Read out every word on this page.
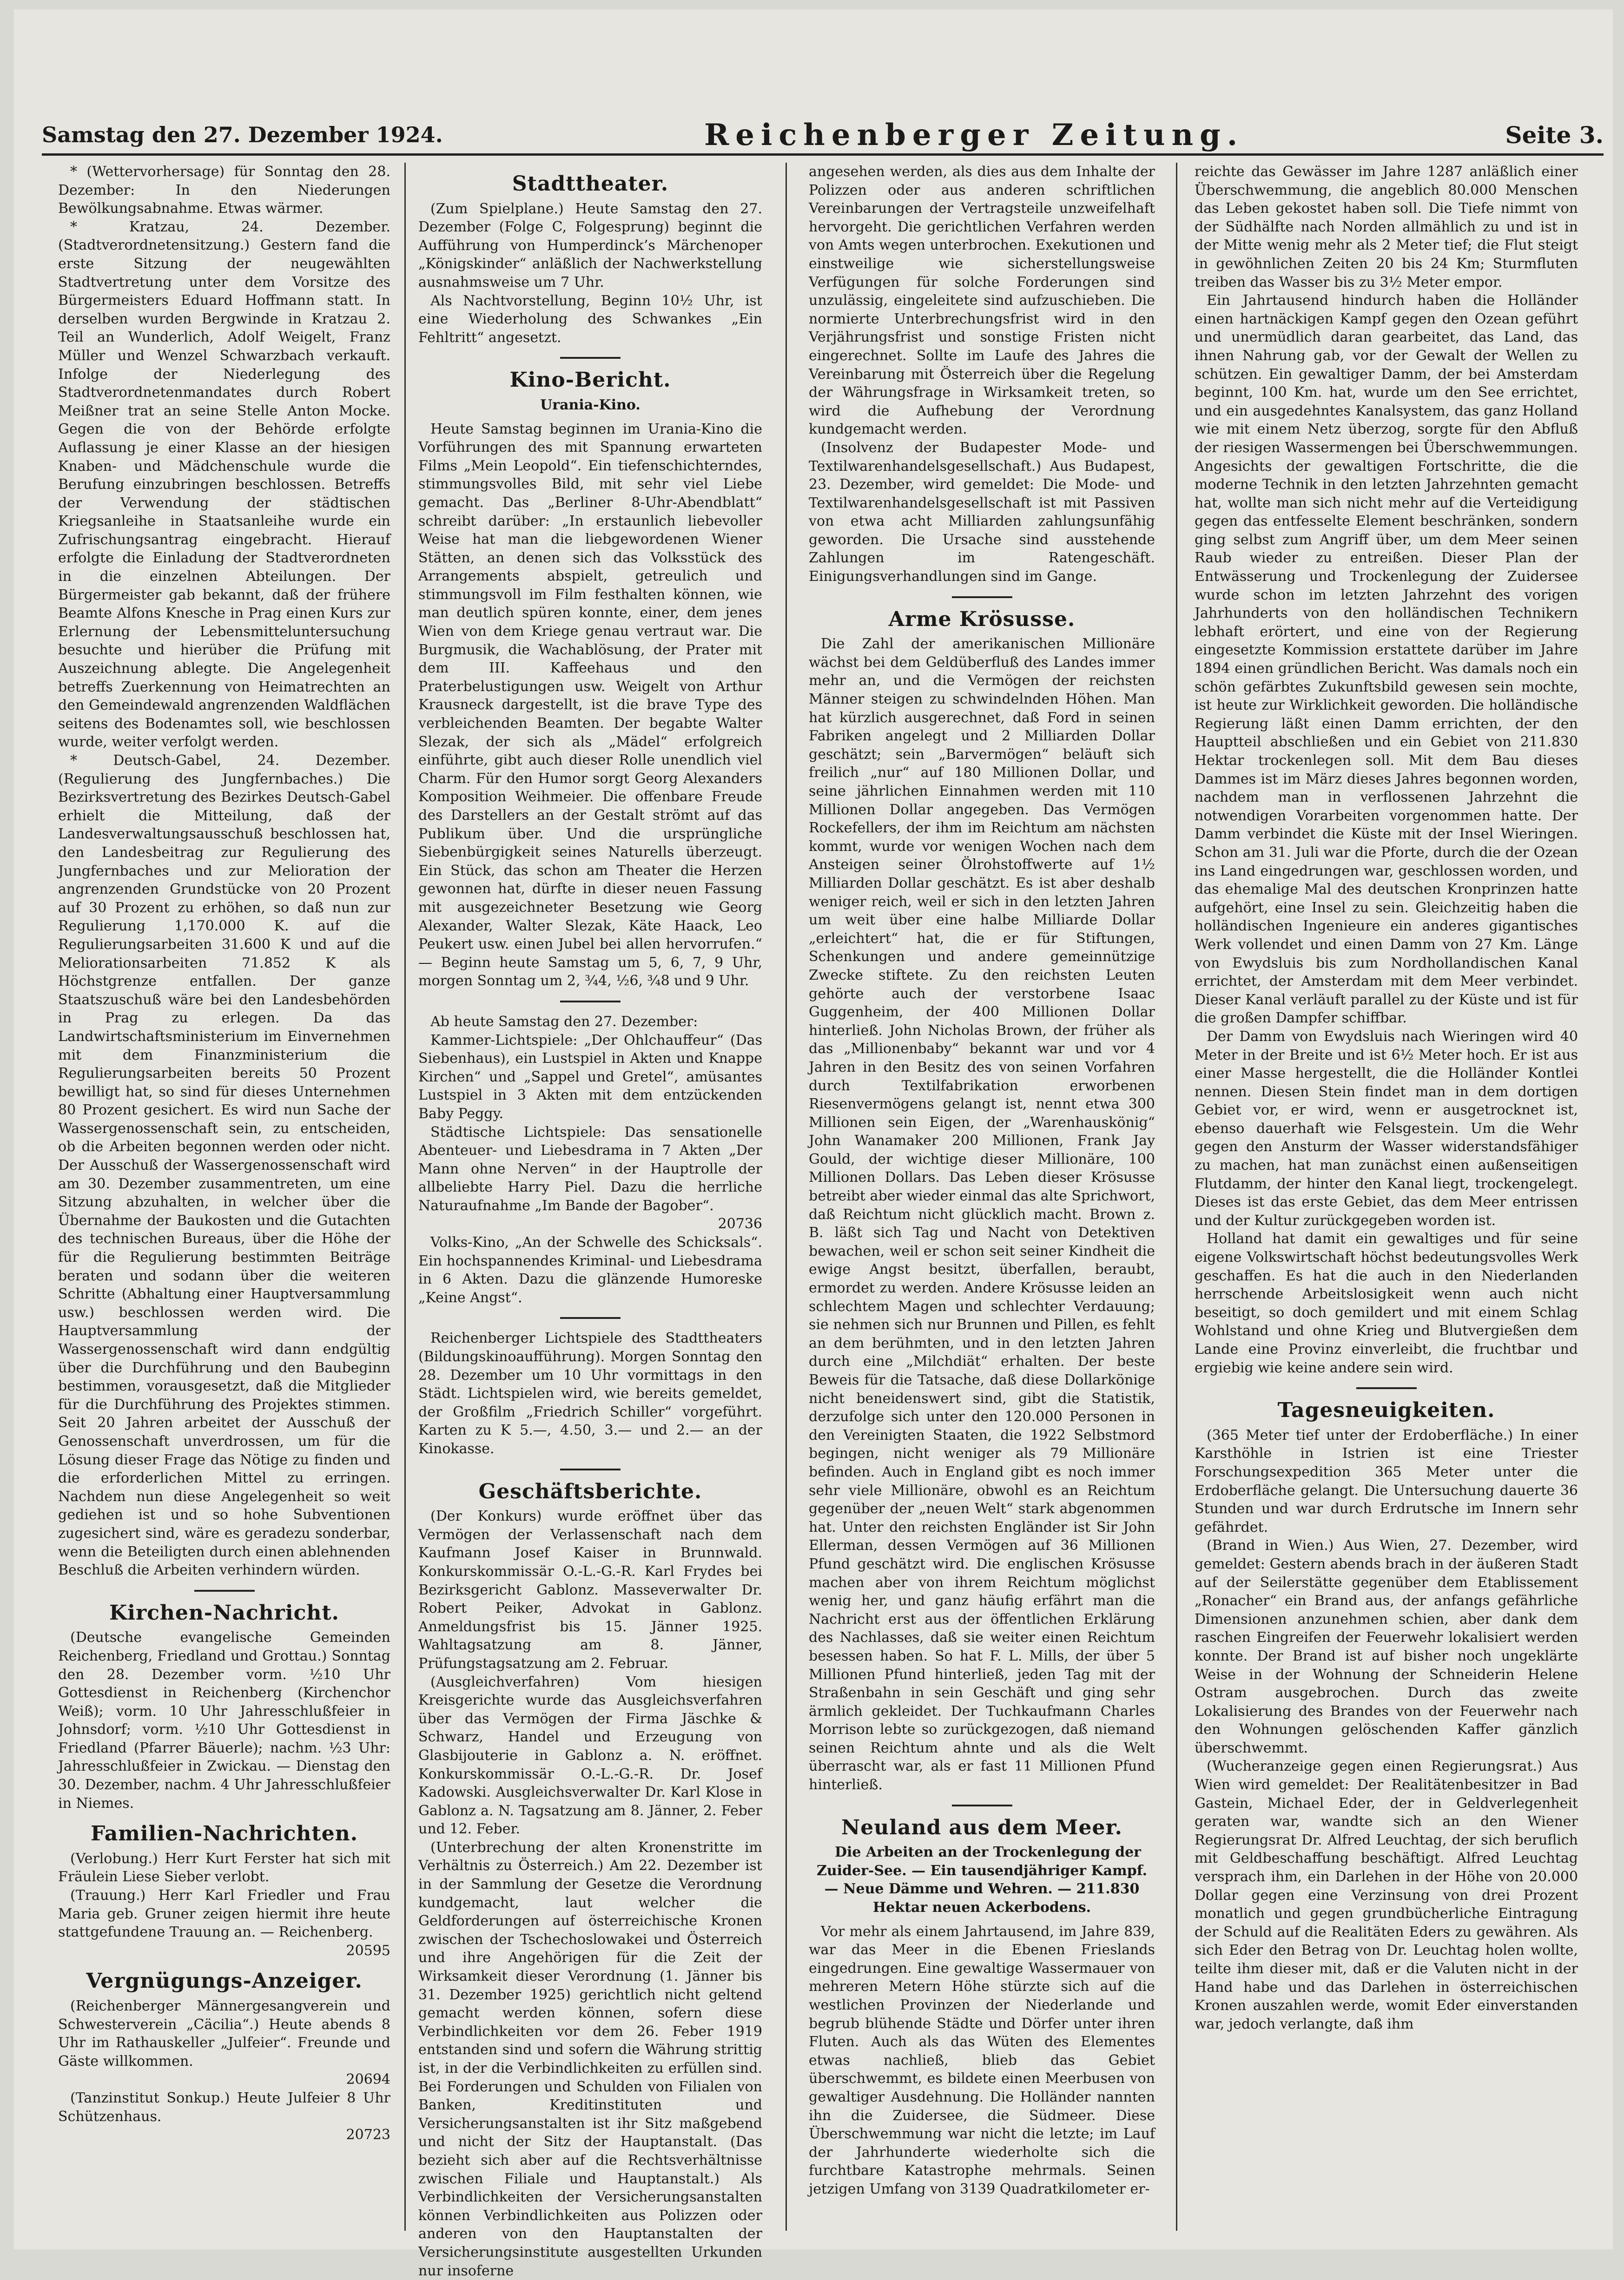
Samstag den 27. Dezember 1924.	Reichenberger Zeitung.	Seite 3.

* (Wettervorhersage) für Sonntag den 28. Dezember: In den Niederungen Bewölkungsabnahme. Etwas wärmer.

* Kratzau, 24. Dezember. (Stadtverordnetensitzung.) Gestern fand die erste Sitzung der neugewählten Stadtvertretung unter dem Vorsitze des Bürgermeisters Eduard Hoffmann statt. In derselben wurden Bergwinde in Kratzau 2. Teil an Wunderlich, Adolf Weigelt, Franz Müller und Wenzel Schwarzbach verkauft. Infolge der Niederlegung des Stadtverordnetenmandates durch Robert Meißner trat an seine Stelle Anton Mocke. Gegen die von der Behörde erfolgte Auflassung je einer Klasse an der hiesigen Knaben- und Mädchenschule wurde die Berufung einzubringen beschlossen. Betreffs der Verwendung der städtischen Kriegsanleihe in Staatsanleihe wurde ein Zufrischungsantrag eingebracht. Hierauf erfolgte die Einladung der Stadtverordneten in die einzelnen Abteilungen. Der Bürgermeister gab bekannt, daß der frühere Beamte Alfons Knesche in Prag einen Kurs zur Erlernung der Lebensmitteluntersuchung besuchte und hierüber die Prüfung mit Auszeichnung ablegte. Die Angelegenheit betreffs Zuerkennung von Heimatrechten an den Gemeindewald angrenzenden Waldflächen seitens des Bodenamtes soll, wie beschlossen wurde, weiter verfolgt werden.

* Deutsch-Gabel, 24. Dezember. (Regulierung des Jungfernbaches.) Die Bezirksvertretung des Bezirkes Deutsch-Gabel erhielt die Mitteilung, daß der Landesverwaltungsausschuß beschlossen hat, den Landesbeitrag zur Regulierung des Jungfernbaches und zur Melioration der angrenzenden Grundstücke von 20 Prozent auf 30 Prozent zu erhöhen, so daß nun zur Regulierung 1,170.000 K. auf die Regulierungsarbeiten 31.600 K und auf die Meliorationsarbeiten 71.852 K als Höchstgrenze entfallen. Der ganze Staatszuschuß wäre bei den Landesbehörden in Prag zu erlegen. Da das Landwirtschaftsministerium im Einvernehmen mit dem Finanzministerium die Regulierungsarbeiten bereits 50 Prozent bewilligt hat, so sind für dieses Unternehmen 80 Prozent gesichert. Es wird nun Sache der Wassergenossenschaft sein, zu entscheiden, ob die Arbeiten begonnen werden oder nicht. Der Ausschuß der Wassergenossenschaft wird am 30. Dezember zusammentreten, um eine Sitzung abzuhalten, in welcher über die Übernahme der Baukosten und die Gutachten des technischen Bureaus, über die Höhe der für die Regulierung bestimmten Beiträge beraten und sodann über die weiteren Schritte (Abhaltung einer Hauptversammlung usw.) beschlossen werden wird. Die Hauptversammlung der Wassergenossenschaft wird dann endgültig über die Durchführung und den Baubeginn bestimmen, vorausgesetzt, daß die Mitglieder für die Durchführung des Projektes stimmen. Seit 20 Jahren arbeitet der Ausschuß der Genossenschaft unverdrossen, um für die Lösung dieser Frage das Nötige zu finden und die erforderlichen Mittel zu erringen. Nachdem nun diese Angelegenheit so weit gediehen ist und so hohe Subventionen zugesichert sind, wäre es geradezu sonderbar, wenn die Beteiligten durch einen ablehnenden Beschluß die Arbeiten verhindern würden.

Kirchen-Nachricht.

(Deutsche evangelische Gemeinden Reichenberg, Friedland und Grottau.) Sonntag den 28. Dezember vorm. ½10 Uhr Gottesdienst in Reichenberg (Kirchenchor Weiß); vorm. 10 Uhr Jahresschlußfeier in Johnsdorf; vorm. ½10 Uhr Gottesdienst in Friedland (Pfarrer Bäuerle); nachm. ½3 Uhr: Jahresschlußfeier in Zwickau. — Dienstag den 30. Dezember, nachm. 4 Uhr Jahresschlußfeier in Niemes.

Familien-Nachrichten.

(Verlobung.) Herr Kurt Ferster hat sich mit Fräulein Liese Sieber verlobt.

(Trauung.) Herr Karl Friedler und Frau Maria geb. Gruner zeigen hiermit ihre heute stattgefundene Trauung an. — Reichenberg.

20595
Vergnügungs-Anzeiger.

(Reichenberger Männergesangverein und Schwesterverein „Cäcilia“.) Heute abends 8 Uhr im Rathauskeller „Julfeier“. Freunde und Gäste willkommen.

20694

(Tanzinstitut Sonkup.) Heute Julfeier 8 Uhr Schützenhaus.

20723
Stadttheater.

(Zum Spielplane.) Heute Samstag den 27. Dezember (Folge C, Folgesprung) beginnt die Aufführung von Humperdinck’s Märchenoper „Königskinder“ anläßlich der Nachwerkstellung ausnahmsweise um 7 Uhr.

Als Nachtvorstellung, Beginn 10½ Uhr, ist eine Wiederholung des Schwankes „Ein Fehltritt“ angesetzt.

Kino-Bericht.
Urania-Kino.

Heute Samstag beginnen im Urania-Kino die Vorführungen des mit Spannung erwarteten Films „Mein Leopold“. Ein tiefenschichterndes, stimmungsvolles Bild, mit sehr viel Liebe gemacht. Das „Berliner 8-Uhr-Abendblatt“ schreibt darüber: „In erstaunlich liebevoller Weise hat man die liebgewordenen Wiener Stätten, an denen sich das Volksstück des Arrangements abspielt, getreulich und stimmungsvoll im Film festhalten können, wie man deutlich spüren konnte, einer, dem jenes Wien von dem Kriege genau vertraut war. Die Burgmusik, die Wachablösung, der Prater mit dem III. Kaffeehaus und den Praterbelustigungen usw. Weigelt von Arthur Krausneck dargestellt, ist die brave Type des verbleichenden Beamten. Der begabte Walter Slezak, der sich als „Mädel“ erfolgreich einführte, gibt auch dieser Rolle unendlich viel Charm. Für den Humor sorgt Georg Alexanders Komposition Weihmeier. Die offenbare Freude des Darstellers an der Gestalt strömt auf das Publikum über. Und die ursprüngliche Siebenbürgigkeit seines Naturells überzeugt. Ein Stück, das schon am Theater die Herzen gewonnen hat, dürfte in dieser neuen Fassung mit ausgezeichneter Besetzung wie Georg Alexander, Walter Slezak, Käte Haack, Leo Peukert usw. einen Jubel bei allen hervorrufen.“ — Beginn heute Samstag um 5, 6, 7, 9 Uhr, morgen Sonntag um 2, ¾4, ½6, ¾8 und 9 Uhr.

Ab heute Samstag den 27. Dezember:

Kammer-Lichtspiele: „Der Ohlchauffeur“ (Das Siebenhaus), ein Lustspiel in Akten und Knappe Kirchen“ und „Sappel und Gretel“, amüsantes Lustspiel in 3 Akten mit dem entzückenden Baby Peggy.

Städtische Lichtspiele: Das sensationelle Abenteuer- und Liebesdrama in 7 Akten „Der Mann ohne Nerven“ in der Hauptrolle der allbeliebte Harry Piel. Dazu die herrliche Naturaufnahme „Im Bande der Bagober“.

20736

Volks-Kino, „An der Schwelle des Schicksals“. Ein hochspannendes Kriminal- und Liebesdrama in 6 Akten. Dazu die glänzende Humoreske „Keine Angst“.

Reichenberger Lichtspiele des Stadttheaters (Bildungskinoaufführung). Morgen Sonntag den 28. Dezember um 10 Uhr vormittags in den Städt. Lichtspielen wird, wie bereits gemeldet, der Großfilm „Friedrich Schiller“ vorgeführt. Karten zu K 5.—, 4.50, 3.— und 2.— an der Kinokasse.

Geschäftsberichte.

(Der Konkurs) wurde eröffnet über das Vermögen der Verlassenschaft nach dem Kaufmann Josef Kaiser in Brunnwald. Konkurskommissär O.-L.-G.-R. Karl Frydes bei Bezirksgericht Gablonz. Masseverwalter Dr. Robert Peiker, Advokat in Gablonz. Anmeldungsfrist bis 15. Jänner 1925. Wahltagsatzung am 8. Jänner, Prüfungstagsatzung am 2. Februar.

(Ausgleichverfahren) Vom hiesigen Kreisgerichte wurde das Ausgleichsverfahren über das Vermögen der Firma Jäschke & Schwarz, Handel und Erzeugung von Glasbijouterie in Gablonz a. N. eröffnet. Konkurskommissär O.-L.-G.-R. Dr. Josef Kadowski. Ausgleichsverwalter Dr. Karl Klose in Gablonz a. N. Tagsatzung am 8. Jänner, 2. Feber und 12. Feber.

(Unterbrechung der alten Kronenstritte im Verhältnis zu Österreich.) Am 22. Dezember ist in der Sammlung der Gesetze die Verordnung kundgemacht, laut welcher die Geldforderungen auf österreichische Kronen zwischen der Tschechoslowakei und Österreich und ihre Angehörigen für die Zeit der Wirksamkeit dieser Verordnung (1. Jänner bis 31. Dezember 1925) gerichtlich nicht geltend gemacht werden können, sofern diese Verbindlichkeiten vor dem 26. Feber 1919 entstanden sind und sofern die Währung strittig ist, in der die Verbindlichkeiten zu erfüllen sind. Bei Forderungen und Schulden von Filialen von Banken, Kreditinstituten und Versicherungsanstalten ist ihr Sitz maßgebend und nicht der Sitz der Hauptanstalt. (Das bezieht sich aber auf die Rechtsverhältnisse zwischen Filiale und Hauptanstalt.) Als Verbindlichkeiten der Versicherungsanstalten können Verbindlichkeiten aus Polizzen oder anderen von den Hauptanstalten der Versicherungsinstitute ausgestellten Urkunden nur insoferne

angesehen werden, als dies aus dem Inhalte der Polizzen oder aus anderen schriftlichen Vereinbarungen der Vertragsteile unzweifelhaft hervorgeht. Die gerichtlichen Verfahren werden von Amts wegen unterbrochen. Exekutionen und einstweilige wie sicherstellungsweise Verfügungen für solche Forderungen sind unzulässig, eingeleitete sind aufzuschieben. Die normierte Unterbrechungsfrist wird in den Verjährungsfrist und sonstige Fristen nicht eingerechnet. Sollte im Laufe des Jahres die Vereinbarung mit Österreich über die Regelung der Währungsfrage in Wirksamkeit treten, so wird die Aufhebung der Verordnung kundgemacht werden.

(Insolvenz der Budapester Mode- und Textilwarenhandelsgesellschaft.) Aus Budapest, 23. Dezember, wird gemeldet: Die Mode- und Textilwarenhandelsgesellschaft ist mit Passiven von etwa acht Milliarden zahlungsunfähig geworden. Die Ursache sind ausstehende Zahlungen im Ratengeschäft. Einigungsverhandlungen sind im Gange.

Arme Krösusse.

Die Zahl der amerikanischen Millionäre wächst bei dem Geldüberfluß des Landes immer mehr an, und die Vermögen der reichsten Männer steigen zu schwindelnden Höhen. Man hat kürzlich ausgerechnet, daß Ford in seinen Fabriken angelegt und 2 Milliarden Dollar geschätzt; sein „Barvermögen“ beläuft sich freilich „nur“ auf 180 Millionen Dollar, und seine jährlichen Einnahmen werden mit 110 Millionen Dollar angegeben. Das Vermögen Rockefellers, der ihm im Reichtum am nächsten kommt, wurde vor wenigen Wochen nach dem Ansteigen seiner Ölrohstoffwerte auf 1½ Milliarden Dollar geschätzt. Es ist aber deshalb weniger reich, weil er sich in den letzten Jahren um weit über eine halbe Milliarde Dollar „erleichtert“ hat, die er für Stiftungen, Schenkungen und andere gemeinnützige Zwecke stiftete. Zu den reichsten Leuten gehörte auch der verstorbene Isaac Guggenheim, der 400 Millionen Dollar hinterließ. John Nicholas Brown, der früher als das „Millionenbaby“ bekannt war und vor 4 Jahren in den Besitz des von seinen Vorfahren durch Textilfabrikation erworbenen Riesenvermögens gelangt ist, nennt etwa 300 Millionen sein Eigen, der „Warenhauskönig“ John Wanamaker 200 Millionen, Frank Jay Gould, der wichtige dieser Millionäre, 100 Millionen Dollars. Das Leben dieser Krösusse betreibt aber wieder einmal das alte Sprichwort, daß Reichtum nicht glücklich macht. Brown z. B. läßt sich Tag und Nacht von Detektiven bewachen, weil er schon seit seiner Kindheit die ewige Angst besitzt, überfallen, beraubt, ermordet zu werden. Andere Krösusse leiden an schlechtem Magen und schlechter Verdauung; sie nehmen sich nur Brunnen und Pillen, es fehlt an dem berühmten, und in den letzten Jahren durch eine „Milchdiät“ erhalten. Der beste Beweis für die Tatsache, daß diese Dollarkönige nicht beneidenswert sind, gibt die Statistik, derzufolge sich unter den 120.000 Personen in den Vereinigten Staaten, die 1922 Selbstmord begingen, nicht weniger als 79 Millionäre befinden. Auch in England gibt es noch immer sehr viele Millionäre, obwohl es an Reichtum gegenüber der „neuen Welt“ stark abgenommen hat. Unter den reichsten Engländer ist Sir John Ellerman, dessen Vermögen auf 36 Millionen Pfund geschätzt wird. Die englischen Krösusse machen aber von ihrem Reichtum möglichst wenig her, und ganz häufig erfährt man die Nachricht erst aus der öffentlichen Erklärung des Nachlasses, daß sie weiter einen Reichtum besessen haben. So hat F. L. Mills, der über 5 Millionen Pfund hinterließ, jeden Tag mit der Straßenbahn in sein Geschäft und ging sehr ärmlich gekleidet. Der Tuchkaufmann Charles Morrison lebte so zurückgezogen, daß niemand seinen Reichtum ahnte und als die Welt überrascht war, als er fast 11 Millionen Pfund hinterließ.

Neuland aus dem Meer.

Die Arbeiten an der Trockenlegung der Zuider-See. — Ein tausendjähriger Kampf. — Neue Dämme und Wehren. — 211.830 Hektar neuen Ackerbodens.

Vor mehr als einem Jahrtausend, im Jahre 839, war das Meer in die Ebenen Frieslands eingedrungen. Eine gewaltige Wassermauer von mehreren Metern Höhe stürzte sich auf die westlichen Provinzen der Niederlande und begrub blühende Städte und Dörfer unter ihren Fluten. Auch als das Wüten des Elementes etwas nachließ, blieb das Gebiet überschwemmt, es bildete einen Meerbusen von gewaltiger Ausdehnung. Die Holländer nannten ihn die Zuidersee, die Südmeer. Diese Überschwemmung war nicht die letzte; im Lauf der Jahrhunderte wiederholte sich die furchtbare Katastrophe mehrmals. Seinen jetzigen Umfang von 3139 Quadratkilometer er-

reichte das Gewässer im Jahre 1287 anläßlich einer Überschwemmung, die angeblich 80.000 Menschen das Leben gekostet haben soll. Die Tiefe nimmt von der Südhälfte nach Norden allmählich zu und ist in der Mitte wenig mehr als 2 Meter tief; die Flut steigt in gewöhnlichen Zeiten 20 bis 24 Km; Sturmfluten treiben das Wasser bis zu 3½ Meter empor.

Ein Jahrtausend hindurch haben die Holländer einen hartnäckigen Kampf gegen den Ozean geführt und unermüdlich daran gearbeitet, das Land, das ihnen Nahrung gab, vor der Gewalt der Wellen zu schützen. Ein gewaltiger Damm, der bei Amsterdam beginnt, 100 Km. hat, wurde um den See errichtet, und ein ausgedehntes Kanalsystem, das ganz Holland wie mit einem Netz überzog, sorgte für den Abfluß der riesigen Wassermengen bei Überschwemmungen. Angesichts der gewaltigen Fortschritte, die die moderne Technik in den letzten Jahrzehnten gemacht hat, wollte man sich nicht mehr auf die Verteidigung gegen das entfesselte Element beschränken, sondern ging selbst zum Angriff über, um dem Meer seinen Raub wieder zu entreißen. Dieser Plan der Entwässerung und Trockenlegung der Zuidersee wurde schon im letzten Jahrzehnt des vorigen Jahrhunderts von den holländischen Technikern lebhaft erörtert, und eine von der Regierung eingesetzte Kommission erstattete darüber im Jahre 1894 einen gründlichen Bericht. Was damals noch ein schön gefärbtes Zukunftsbild gewesen sein mochte, ist heute zur Wirklichkeit geworden. Die holländische Regierung läßt einen Damm errichten, der den Hauptteil abschließen und ein Gebiet von 211.830 Hektar trockenlegen soll. Mit dem Bau dieses Dammes ist im März dieses Jahres begonnen worden, nachdem man in verflossenen Jahrzehnt die notwendigen Vorarbeiten vorgenommen hatte. Der Damm verbindet die Küste mit der Insel Wieringen. Schon am 31. Juli war die Pforte, durch die der Ozean ins Land eingedrungen war, geschlossen worden, und das ehemalige Mal des deutschen Kronprinzen hatte aufgehört, eine Insel zu sein. Gleichzeitig haben die holländischen Ingenieure ein anderes gigantisches Werk vollendet und einen Damm von 27 Km. Länge von Ewydsluis bis zum Nordhollandischen Kanal errichtet, der Amsterdam mit dem Meer verbindet. Dieser Kanal verläuft parallel zu der Küste und ist für die großen Dampfer schiffbar.

Der Damm von Ewydsluis nach Wieringen wird 40 Meter in der Breite und ist 6½ Meter hoch. Er ist aus einer Masse hergestellt, die die Holländer Kontlei nennen. Diesen Stein findet man in dem dortigen Gebiet vor, er wird, wenn er ausgetrocknet ist, ebenso dauerhaft wie Felsgestein. Um die Wehr gegen den Ansturm der Wasser widerstandsfähiger zu machen, hat man zunächst einen außenseitigen Flutdamm, der hinter den Kanal liegt, trockengelegt. Dieses ist das erste Gebiet, das dem Meer entrissen und der Kultur zurückgegeben worden ist.

Holland hat damit ein gewaltiges und für seine eigene Volkswirtschaft höchst bedeutungsvolles Werk geschaffen. Es hat die auch in den Niederlanden herrschende Arbeitslosigkeit wenn auch nicht beseitigt, so doch gemildert und mit einem Schlag Wohlstand und ohne Krieg und Blutvergießen dem Lande eine Provinz einverleibt, die fruchtbar und ergiebig wie keine andere sein wird.

Tagesneuigkeiten.

(365 Meter tief unter der Erdoberfläche.) In einer Karsthöhle in Istrien ist eine Triester Forschungsexpedition 365 Meter unter die Erdoberfläche gelangt. Die Untersuchung dauerte 36 Stunden und war durch Erdrutsche im Innern sehr gefährdet.

(Brand in Wien.) Aus Wien, 27. Dezember, wird gemeldet: Gestern abends brach in der äußeren Stadt auf der Seilerstätte gegenüber dem Etablissement „Ronacher“ ein Brand aus, der anfangs gefährliche Dimensionen anzunehmen schien, aber dank dem raschen Eingreifen der Feuerwehr lokalisiert werden konnte. Der Brand ist auf bisher noch ungeklärte Weise in der Wohnung der Schneiderin Helene Ostram ausgebrochen. Durch das zweite Lokalisierung des Brandes von der Feuerwehr nach den Wohnungen gelöschenden Kaffer gänzlich überschwemmt.

(Wucheranzeige gegen einen Regierungsrat.) Aus Wien wird gemeldet: Der Realitätenbesitzer in Bad Gastein, Michael Eder, der in Geldverlegenheit geraten war, wandte sich an den Wiener Regierungsrat Dr. Alfred Leuchtag, der sich beruflich mit Geldbeschaffung beschäftigt. Alfred Leuchtag versprach ihm, ein Darlehen in der Höhe von 20.000 Dollar gegen eine Verzinsung von drei Prozent monatlich und gegen grundbücherliche Eintragung der Schuld auf die Realitäten Eders zu gewähren. Als sich Eder den Betrag von Dr. Leuchtag holen wollte, teilte ihm dieser mit, daß er die Valuten nicht in der Hand habe und das Darlehen in österreichischen Kronen auszahlen werde, womit Eder einverstanden war, jedoch verlangte, daß ihm
